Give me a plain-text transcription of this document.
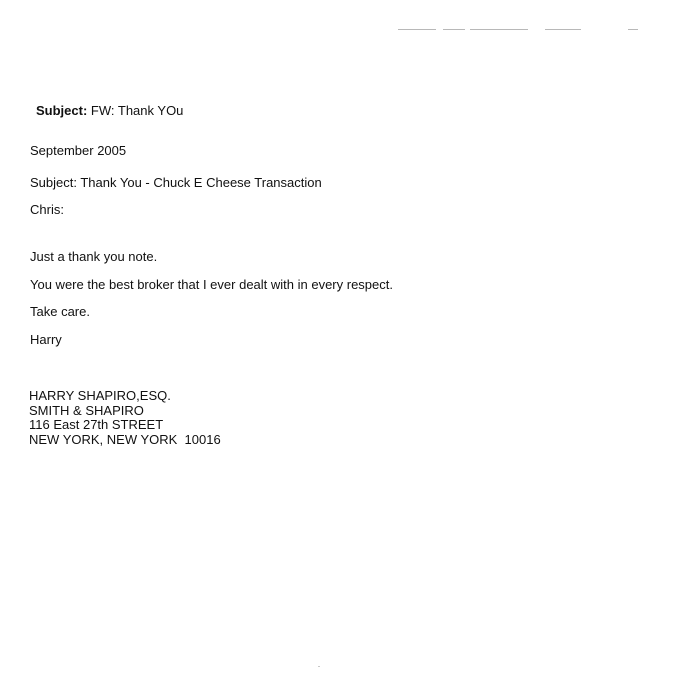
Subject: FW: Thank YOu
September 2005
Subject: Thank You - Chuck E Cheese Transaction
Chris:
Just a thank you note.
You were the best broker that I ever dealt with in every respect.
Take care.
Harry
HARRY SHAPIRO,ESQ.
SMITH & SHAPIRO
116 East 27th STREET
NEW YORK, NEW YORK  10016
